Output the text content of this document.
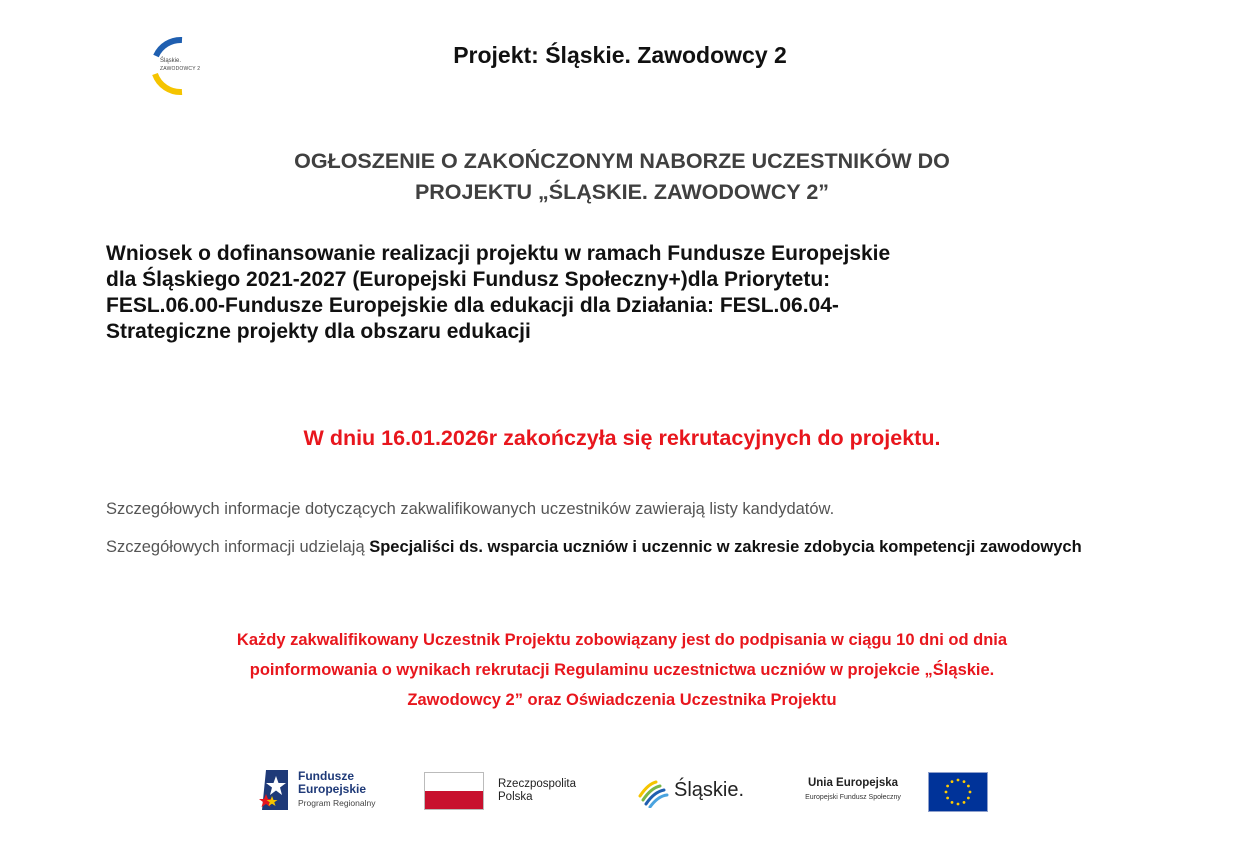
Śląskie.
ZAWODOWCY 2
Projekt: Śląskie. Zawodowcy 2
OGŁOSZENIE O ZAKOŃCZONYM NABORZE UCZESTNIKÓW DO
PROJEKTU „ŚLĄSKIE. ZAWODOWCY 2”
Wniosek o dofinansowanie realizacji projektu w ramach Fundusze Europejskie
dla Śląskiego 2021-2027 (Europejski Fundusz Społeczny+)dla Priorytetu:
FESL.06.00-Fundusze Europejskie dla edukacji dla Działania: FESL.06.04-
Strategiczne projekty dla obszaru edukacji
W dniu 16.01.2026r zakończyła się rekrutacyjnych do projektu.
Szczegółowych informacje dotyczących zakwalifikowanych uczestników zawierają listy kandydatów.
Szczegółowych informacji udzielają Specjaliści ds. wsparcia uczniów i uczennic w zakresie zdobycia kompetencji zawodowych
Każdy zakwalifikowany Uczestnik Projektu zobowiązany jest do podpisania w ciągu 10 dni od dnia
poinformowania o wynikach rekrutacji Regulaminu uczestnictwa uczniów w projekcie „Śląskie.
Zawodowcy 2” oraz Oświadczenia Uczestnika Projektu
Fundusze
Europejskie
Program Regionalny
Rzeczpospolita
Polska	Śląskie.	Unia Europejska
Europejski Fundusz Społeczny
